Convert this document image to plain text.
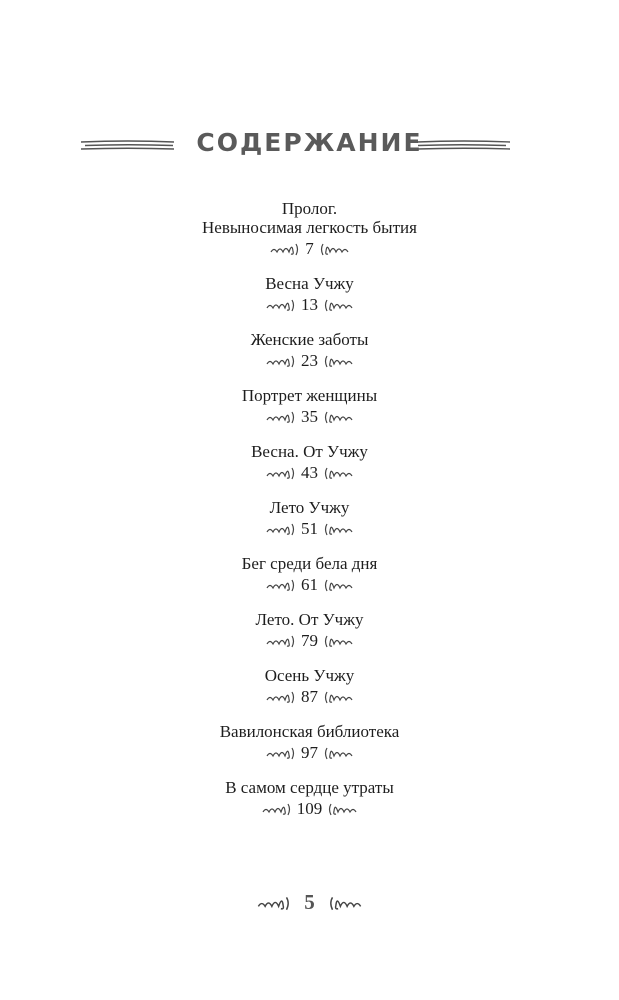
СОДЕРЖАНИЕ
Пролог.
Невыносимая легкость бытия
7
Весна Учжу
13
Женские заботы
23
Портрет женщины
35
Весна. От Учжу
43
Лето Учжу
51
Бег среди бела дня
61
Лето. От Учжу
79
Осень Учжу
87
Вавилонская библиотека
97
В самом сердце утраты
109
5
